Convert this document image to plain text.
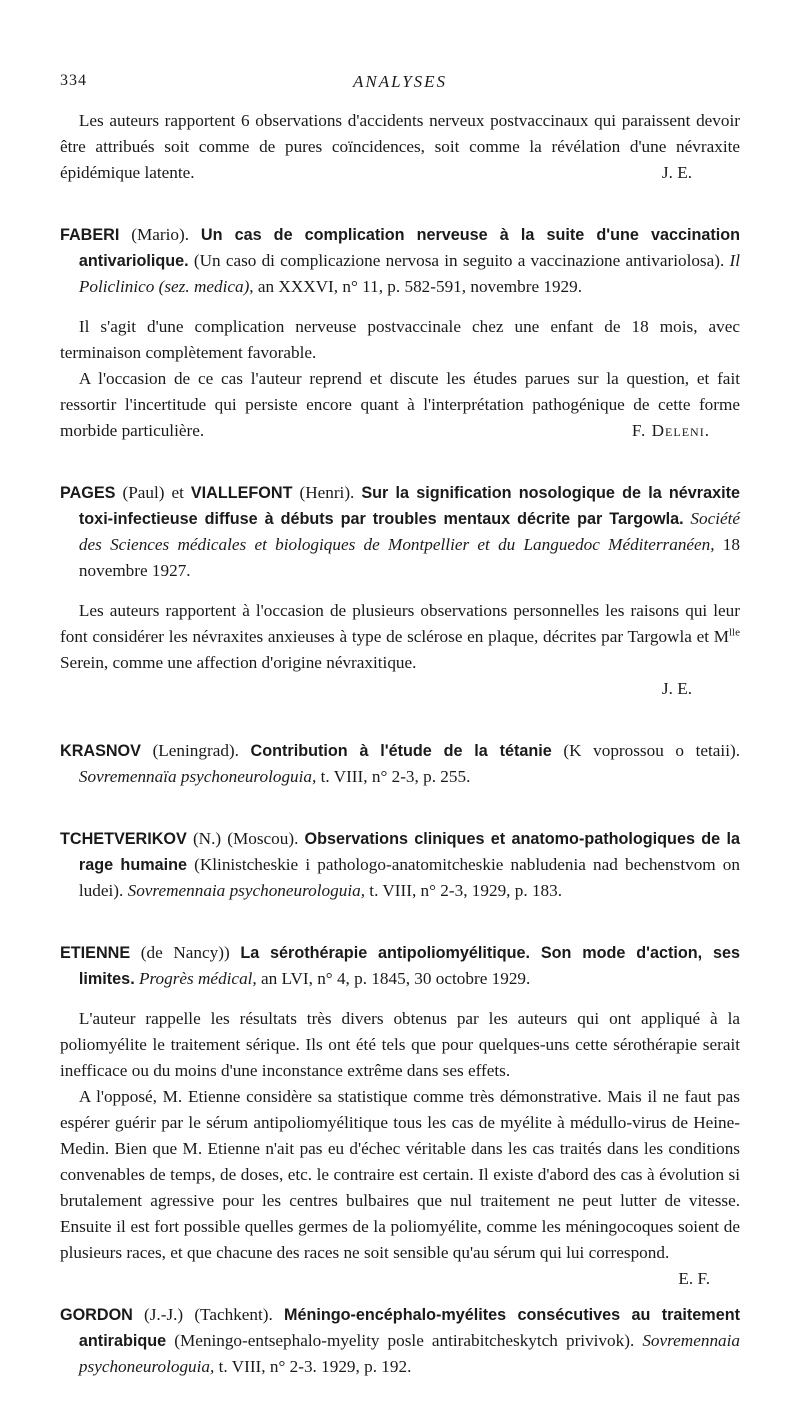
334	ANALYSES

Les auteurs rapportent 6 observations d'accidents nerveux postvaccinaux qui paraissent devoir être attribués soit comme de pures coïncidences, soit comme la révélation d'une névraxite épidémique latente.	J. E.

FABERI (Mario). Un cas de complication nerveuse à la suite d'une vaccination antivariolique. (Un caso di complicazione nervosa in seguito a vaccinazione antivariolosa). Il Policlinico (sez. medica), an XXXVI, n° 11, p. 582-591, novembre 1929.

Il s'agit d'une complication nerveuse postvaccinale chez une enfant de 18 mois, avec terminaison complètement favorable.

A l'occasion de ce cas l'auteur reprend et discute les études parues sur la question, et fait ressortir l'incertitude qui persiste encore quant à l'interprétation pathogénique de cette forme morbide particulière.	F. Deleni.

PAGES (Paul) et VIALLEFONT (Henri). Sur la signification nosologique de la névraxite toxi-infectieuse diffuse à débuts par troubles mentaux décrite par Targowla. Société des Sciences médicales et biologiques de Montpellier et du Languedoc Méditerranéen, 18 novembre 1927.

Les auteurs rapportent à l'occasion de plusieurs observations personnelles les raisons qui leur font considérer les névraxites anxieuses à type de sclérose en plaque, décrites par Targowla et $M^{lle}$ Serein, comme une affection d'origine névraxitique.

J. E.

KRASNOV (Leningrad). Contribution à l'étude de la tétanie (K voprossou o tetaii). Sovremennaïa psychoneurologuia, t. VIII, n° 2-3, p. 255.

TCHETVERIKOV (N.) (Moscou). Observations cliniques et anatomo-pathologiques de la rage humaine (Klinistcheskie i pathologo-anatomitcheskie nabludenia nad bechenstvom on ludei). Sovremennaia psychoneurologuia, t. VIII, n° 2-3, 1929, p. 183.

ETIENNE (de Nancy)) La sérothérapie antipoliomyélitique. Son mode d'action, ses limites. Progrès médical, an LVI, n° 4, p. 1845, 30 octobre 1929.

L'auteur rappelle les résultats très divers obtenus par les auteurs qui ont appliqué à la poliomyélite le traitement sérique. Ils ont été tels que pour quelques-uns cette sérothérapie serait inefficace ou du moins d'une inconstance extrême dans ses effets.

A l'opposé, M. Etienne considère sa statistique comme très démonstrative. Mais il ne faut pas espérer guérir par le sérum antipoliomyélitique tous les cas de myélite à médullo-virus de Heine-Medin. Bien que M. Etienne n'ait pas eu d'échec véritable dans les cas traités dans les conditions convenables de temps, de doses, etc. le contraire est certain. Il existe d'abord des cas à évolution si brutalement agressive pour les centres bulbaires que nul traitement ne peut lutter de vitesse. Ensuite il est fort possible quelles germes de la poliomyélite, comme les méningocoques soient de plusieurs races, et que chacune des races ne soit sensible qu'au sérum qui lui correspond.
E. F.

GORDON (J.-J.) (Tachkent). Méningo-encéphalo-myélites consécutives au traitement antirabique (Meningo-entsephalo-myelity posle antirabitcheskytch privivok). Sovremennaia psychoneurologuia, t. VIII, n° 2-3. 1929, p. 192.
